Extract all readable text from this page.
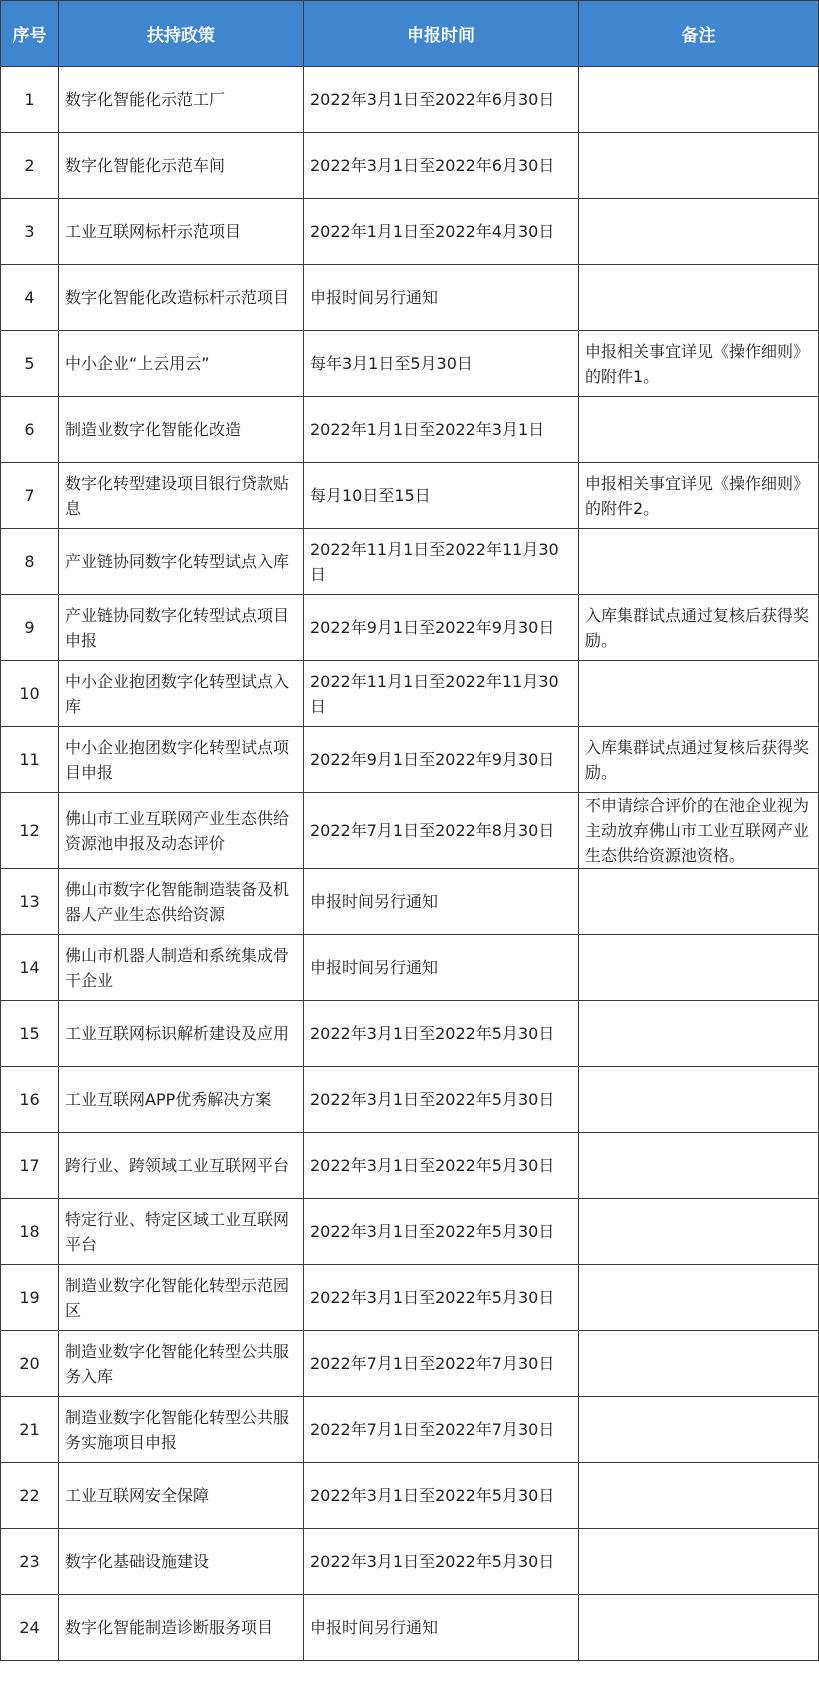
序号	扶持政策	申报时间	备注
1	数字化智能化示范工厂	2022年3月1日至2022年6月30日	
2	数字化智能化示范车间	2022年3月1日至2022年6月30日	
3	工业互联网标杆示范项目	2022年1月1日至2022年4月30日	
4	数字化智能化改造标杆示范项目	申报时间另行通知	
5	中小企业“上云用云”	每年3月1日至5月30日	申报相关事宜详见《操作细则》的附件1。
6	制造业数字化智能化改造	2022年1月1日至2022年3月1日	
7	数字化转型建设项目银行贷款贴息	每月10日至15日	申报相关事宜详见《操作细则》的附件2。
8	产业链协同数字化转型试点入库	2022年11月1日至2022年11月30日	
9	产业链协同数字化转型试点项目申报	2022年9月1日至2022年9月30日	入库集群试点通过复核后获得奖励。
10	中小企业抱团数字化转型试点入库	2022年11月1日至2022年11月30日	
11	中小企业抱团数字化转型试点项目申报	2022年9月1日至2022年9月30日	入库集群试点通过复核后获得奖励。
12	佛山市工业互联网产业生态供给资源池申报及动态评价	2022年7月1日至2022年8月30日	不申请综合评价的在池企业视为主动放弃佛山市工业互联网产业生态供给资源池资格。
13	佛山市数字化智能制造装备及机器人产业生态供给资源	申报时间另行通知	
14	佛山市机器人制造和系统集成骨干企业	申报时间另行通知	
15	工业互联网标识解析建设及应用	2022年3月1日至2022年5月30日	
16	工业互联网APP优秀解决方案	2022年3月1日至2022年5月30日	
17	跨行业、跨领域工业互联网平台	2022年3月1日至2022年5月30日	
18	特定行业、特定区域工业互联网平台	2022年3月1日至2022年5月30日	
19	制造业数字化智能化转型示范园区	2022年3月1日至2022年5月30日	
20	制造业数字化智能化转型公共服务入库	2022年7月1日至2022年7月30日	
21	制造业数字化智能化转型公共服务实施项目申报	2022年7月1日至2022年7月30日	
22	工业互联网安全保障	2022年3月1日至2022年5月30日	
23	数字化基础设施建设	2022年3月1日至2022年5月30日	
24	数字化智能制造诊断服务项目	申报时间另行通知	
